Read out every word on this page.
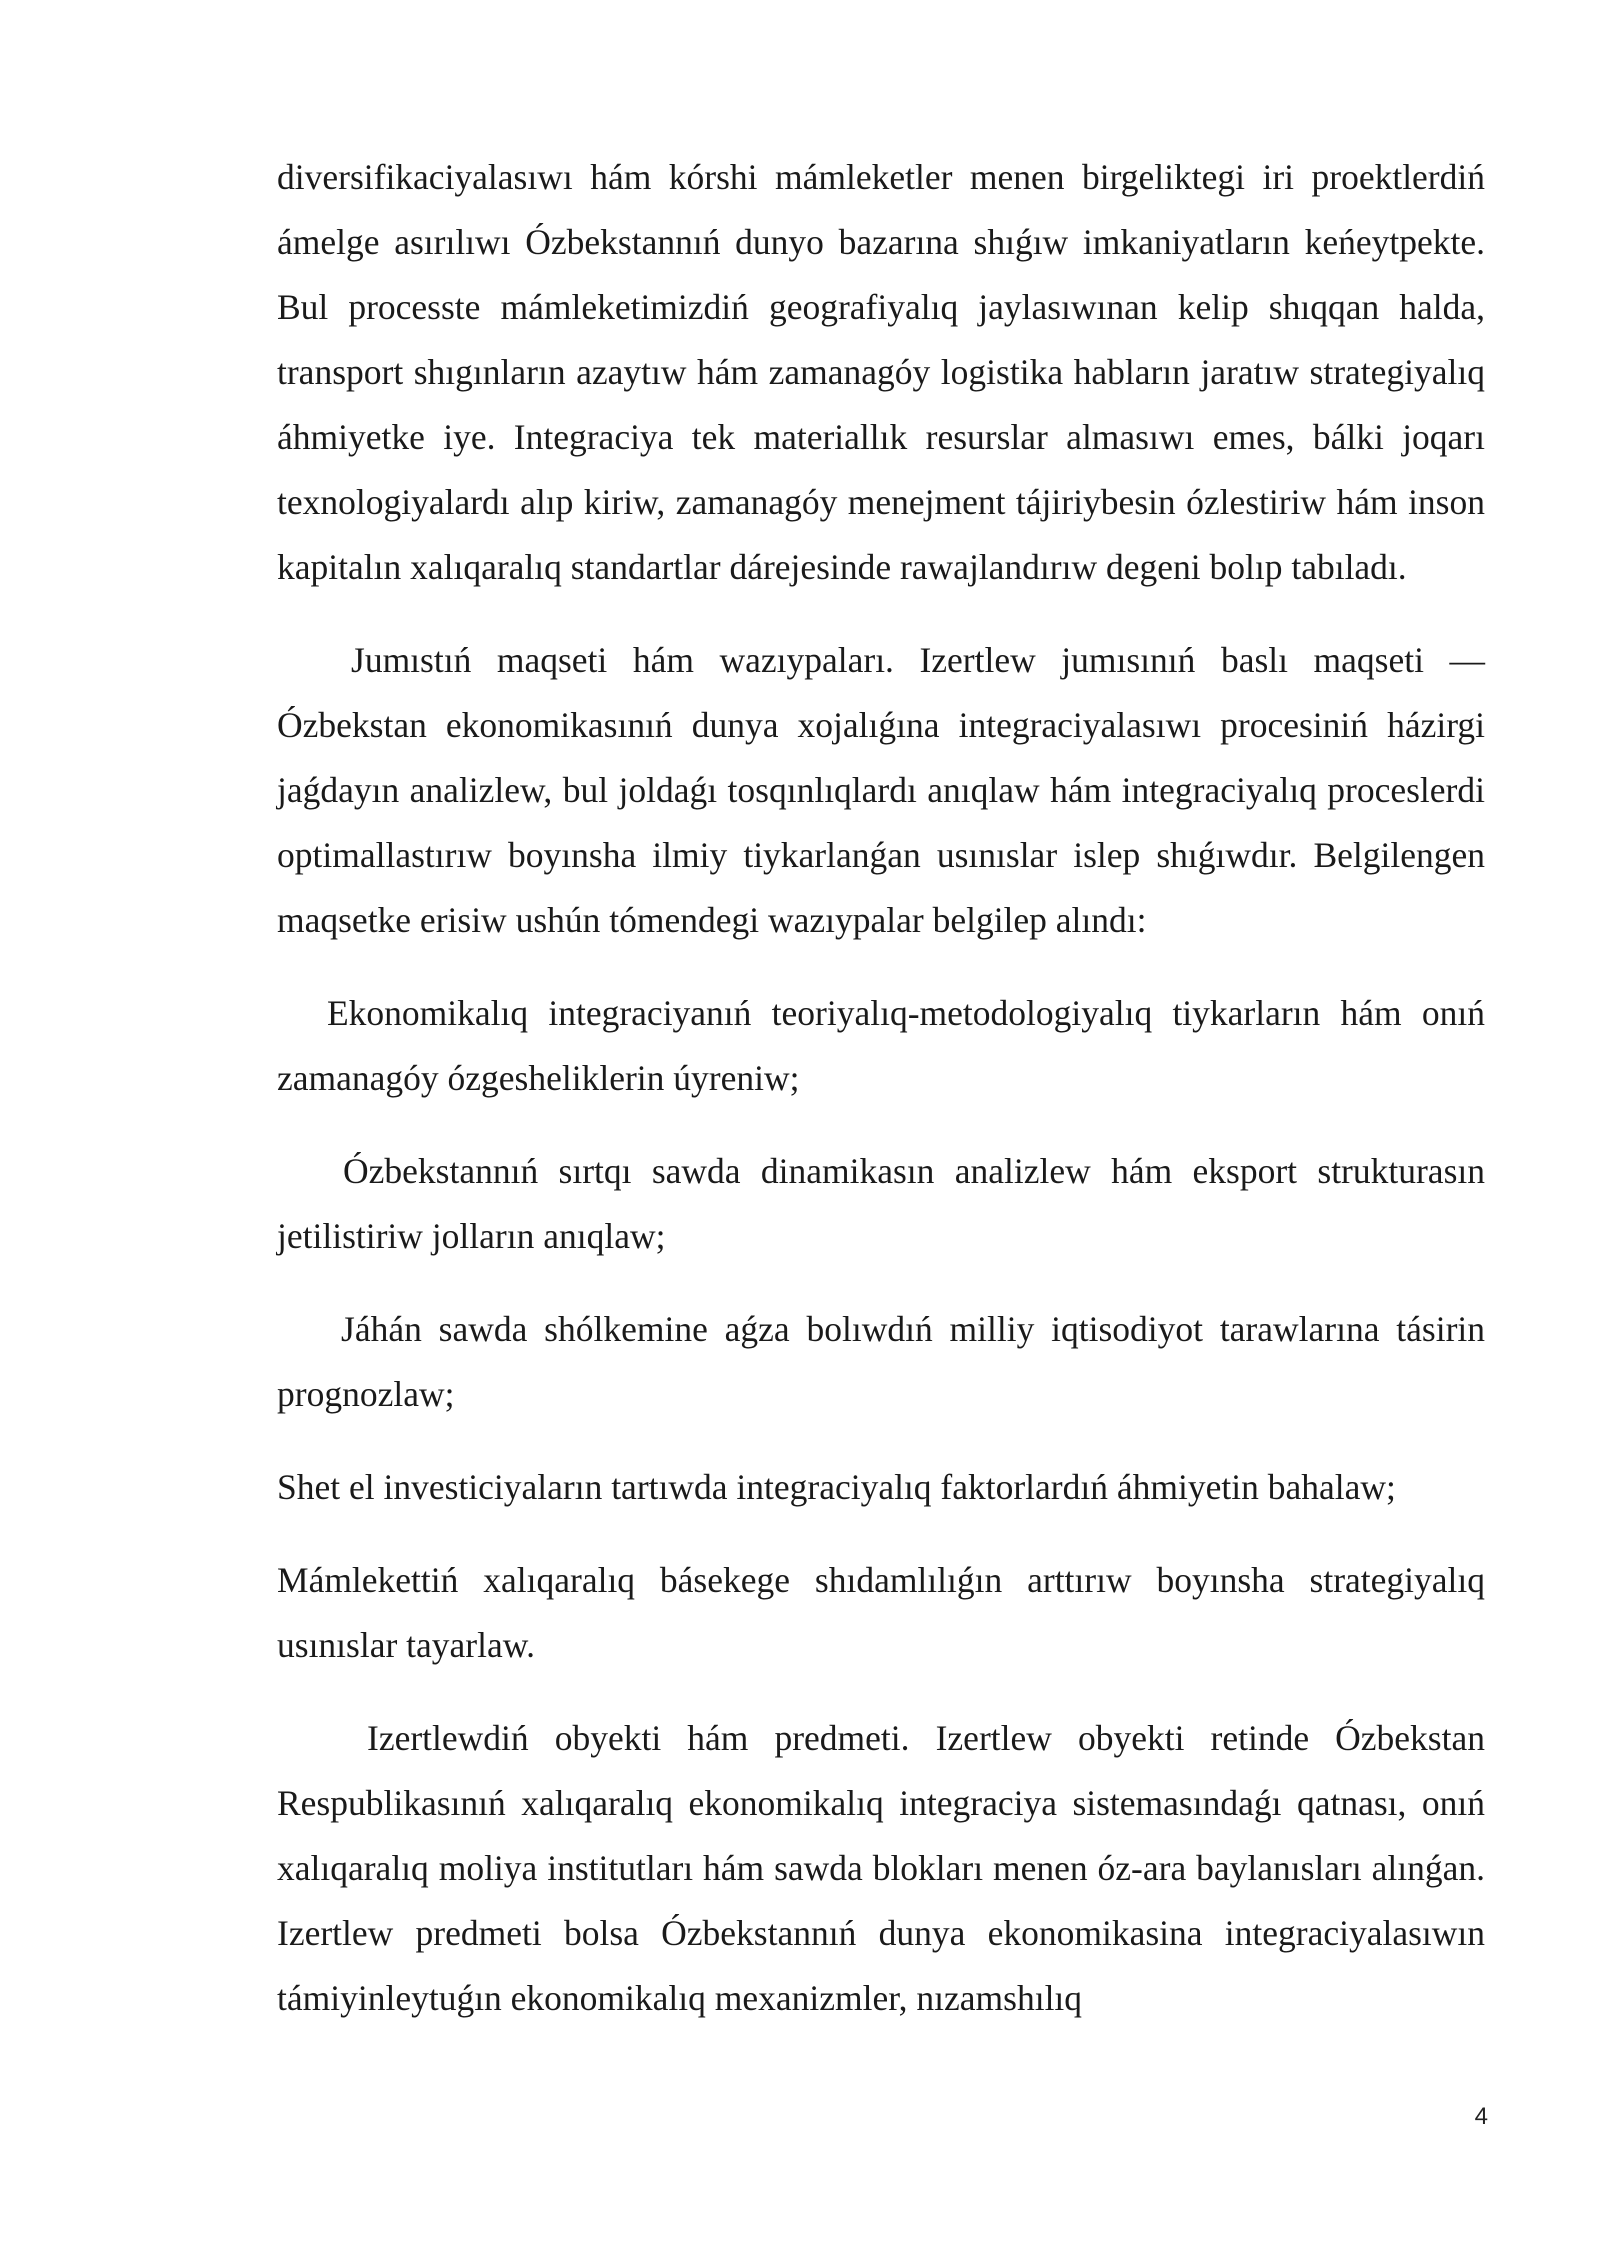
diversifikaciyalasıwı hám kórshi mámleketler menen birgeliktegi iri proektlerdiń ámelge asırılıwı Ózbekstannıń dunyo bazarına shıǵıw imkaniyatların keńeytpekte. Bul processte mámleketimizdiń geografiyalıq jaylasıwınan kelip shıqqan halda, transport shıgınların azaytıw hám zamanagóy logistika habların jaratıw strategiyalıq áhmiyetke iye. Integraciya tek materiallık resurslar almasıwı emes, bálki joqarı texnologiyalardı alıp kiriw, zamanagóy menejment tájiriybesin ózlestiriw hám inson kapitalın xalıqaralıq standartlar dárejesinde rawajlandırıw degeni bolıp tabıladı.

Jumıstıń maqseti hám wazıypaları. Izertlew jumısınıń baslı maqseti — Ózbekstan ekonomikasınıń dunya xojalıǵına integraciyalasıwı procesiniń házirgi jaǵdayın analizlew, bul joldaǵı tosqınlıqlardı anıqlaw hám integraciyalıq proceslerdi optimallastırıw boyınsha ilmiy tiykarlanǵan usınıslar islep shıǵıwdır. Belgilengen maqsetke erisiw ushún tómendegi wazıypalar belgilep alındı:

Ekonomikalıq integraciyanıń teoriyalıq-metodologiyalıq tiykarların hám onıń zamanagóy ózgesheliklerin úyreniw;

Ózbekstannıń sırtqı sawda dinamikasın analizlew hám eksport strukturasın jetilistiriw jolların anıqlaw;

Jáhán sawda shólkemine aǵza bolıwdıń milliy iqtisodiyot tarawlarına tásirin prognozlaw;

Shet el investiciyaların tartıwda integraciyalıq faktorlardıń áhmiyetin bahalaw;

Mámlekettiń xalıqaralıq básekege shıdamlılıǵın arttırıw boyınsha strategiyalıq usınıslar tayarlaw.

Izertlewdiń obyekti hám predmeti. Izertlew obyekti retinde Ózbekstan Respublikasınıń xalıqaralıq ekonomikalıq integraciya sistemasındaǵı qatnası, onıń xalıqaralıq moliya institutları hám sawda blokları menen óz-ara baylanısları alınǵan. Izertlew predmeti bolsa Ózbekstannıń dunya ekonomikasina integraciyalasıwın támiyinleytuǵın ekonomikalıq mexanizmler, nızamshılıq

4
